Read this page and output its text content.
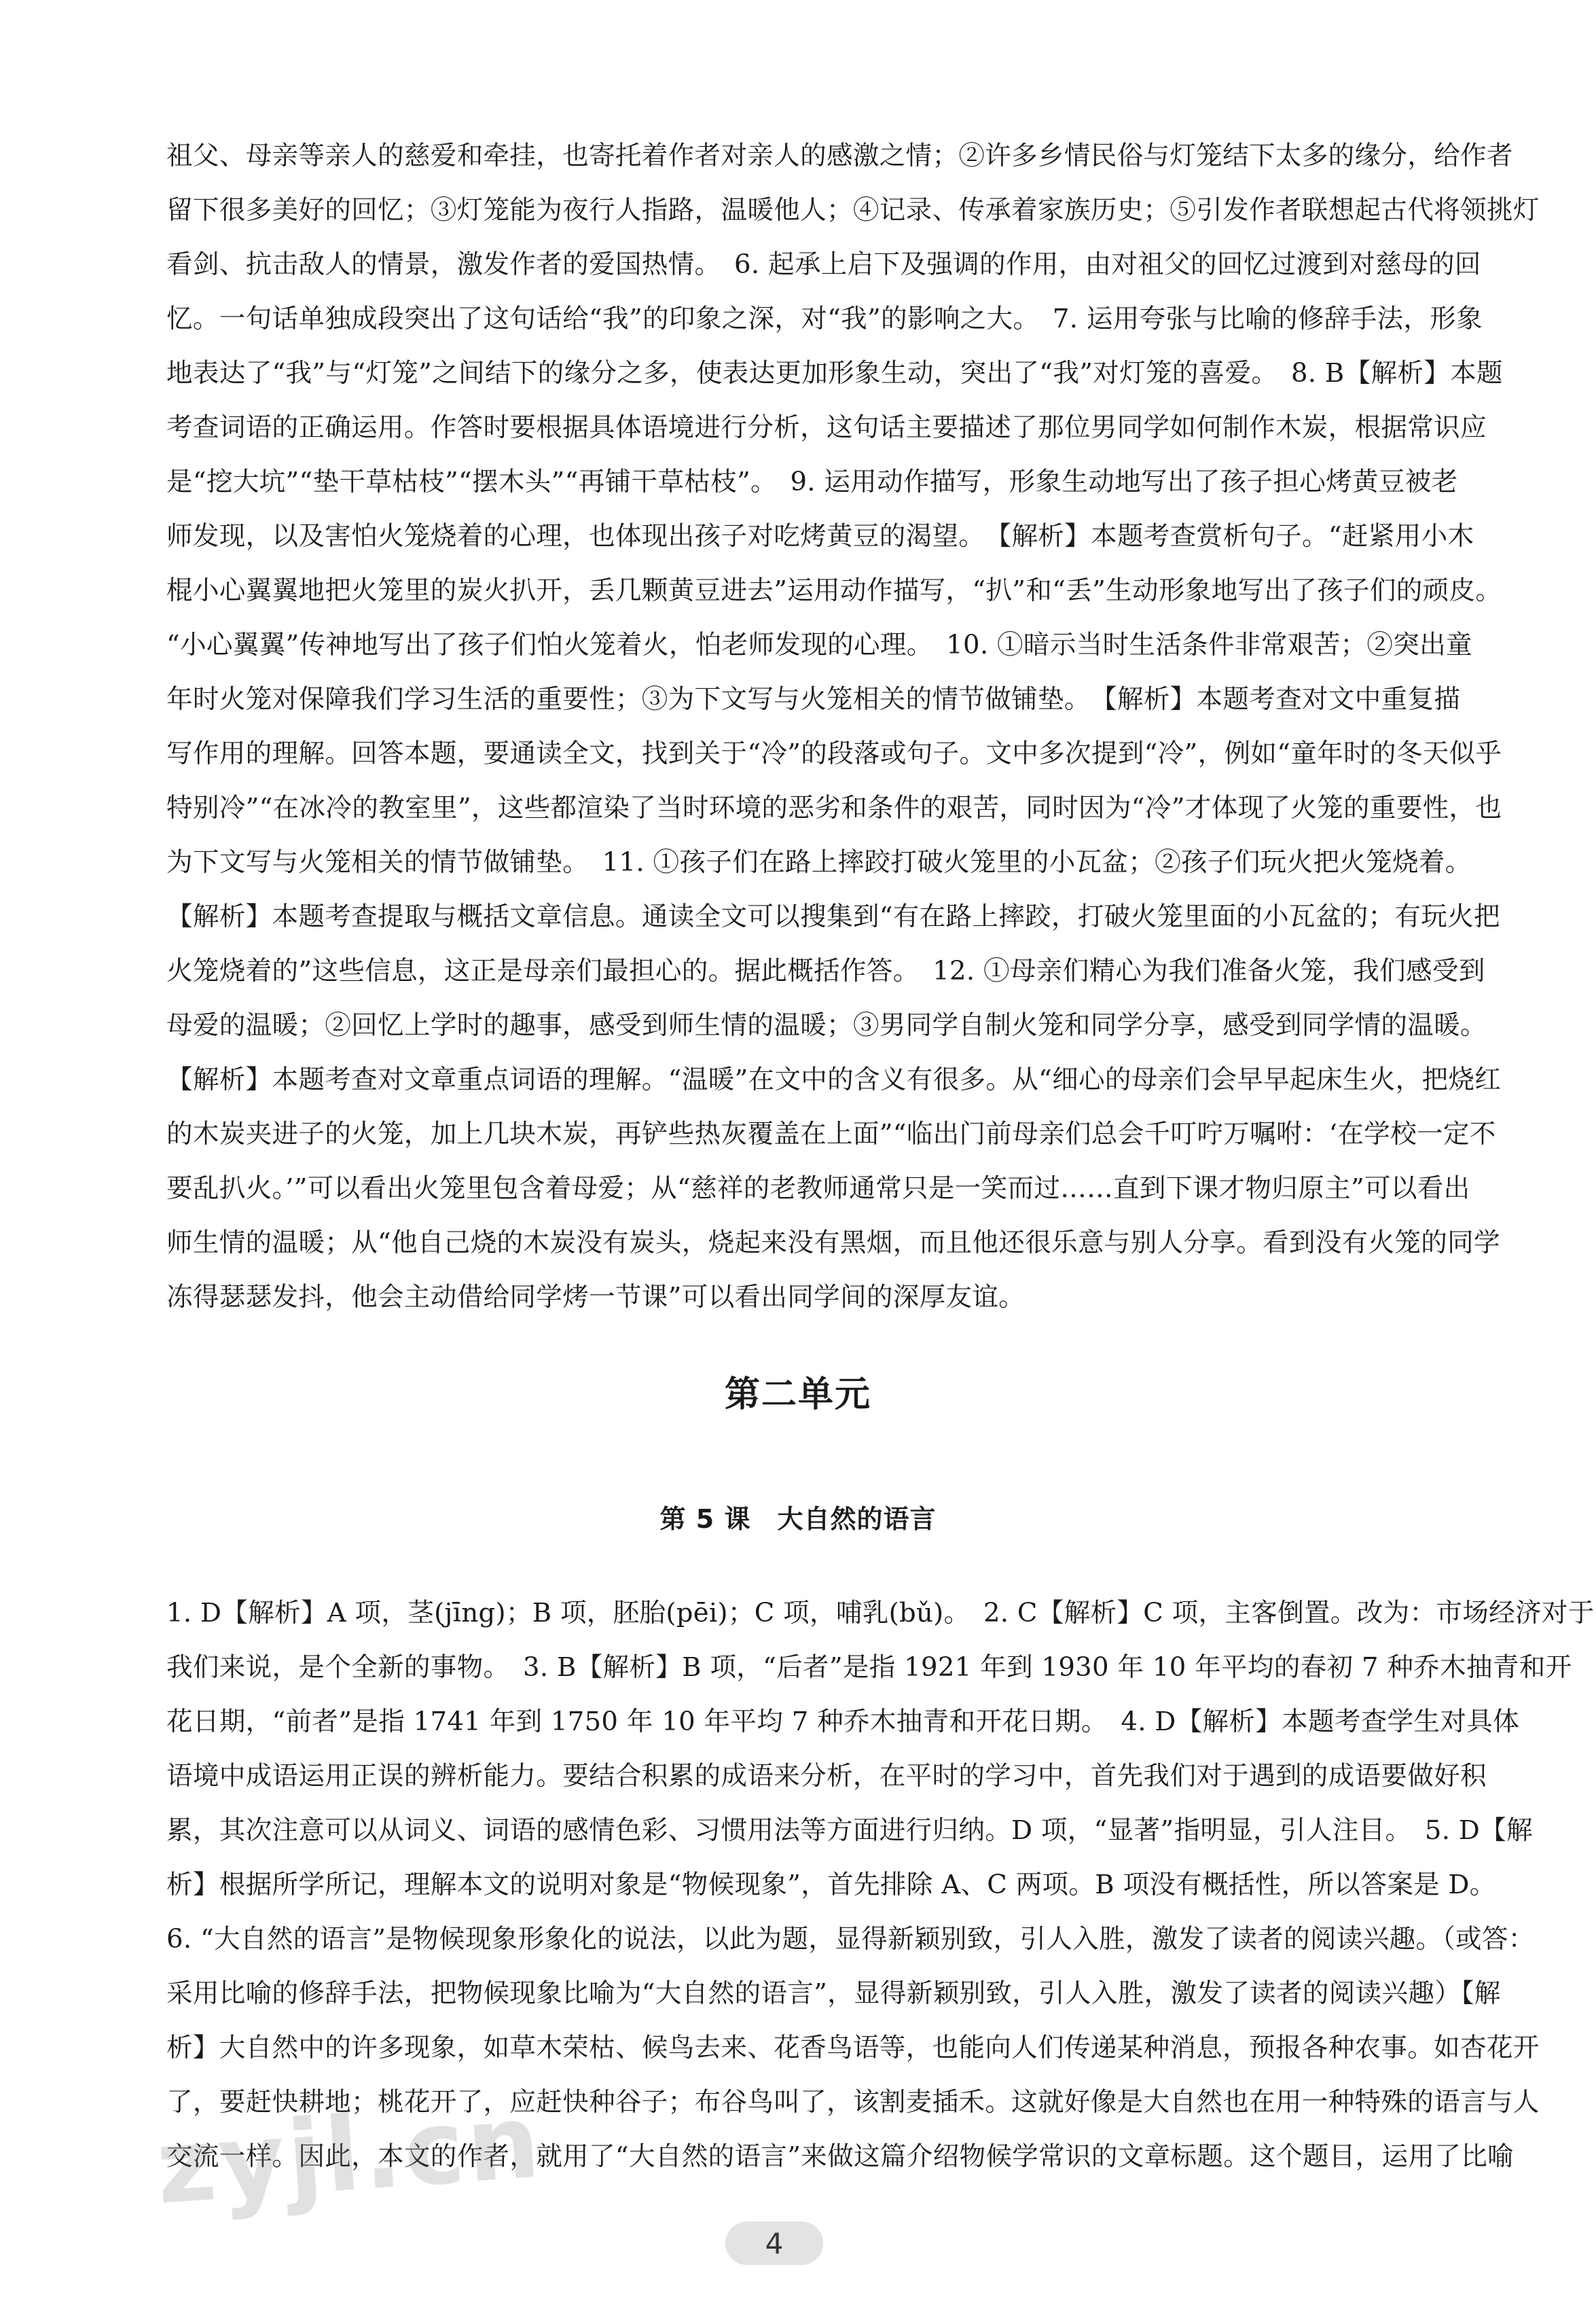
祖父、母亲等亲人的慈爱和牵挂，也寄托着作者对亲人的感激之情；②许多乡情民俗与灯笼结下太多的缘分，给作者
留下很多美好的回忆；③灯笼能为夜行人指路，温暖他人；④记录、传承着家族历史；⑤引发作者联想起古代将领挑灯
看剑、抗击敌人的情景，激发作者的爱国热情。　6. 起承上启下及强调的作用，由对祖父的回忆过渡到对慈母的回
忆。一句话单独成段突出了这句话给“我”的印象之深，对“我”的影响之大。　7. 运用夸张与比喻的修辞手法，形象
地表达了“我”与“灯笼”之间结下的缘分之多，使表达更加形象生动，突出了“我”对灯笼的喜爱。　8. B【解析】本题
考查词语的正确运用。作答时要根据具体语境进行分析，这句话主要描述了那位男同学如何制作木炭，根据常识应
是“挖大坑”“垫干草枯枝”“摆木头”“再铺干草枯枝”。　9. 运用动作描写，形象生动地写出了孩子担心烤黄豆被老
师发现，以及害怕火笼烧着的心理，也体现出孩子对吃烤黄豆的渴望。　【解析】本题考查赏析句子。“赶紧用小木
棍小心翼翼地把火笼里的炭火扒开，丢几颗黄豆进去”运用动作描写，“扒”和“丢”生动形象地写出了孩子们的顽皮。
“小心翼翼”传神地写出了孩子们怕火笼着火，怕老师发现的心理。　10. ①暗示当时生活条件非常艰苦；②突出童
年时火笼对保障我们学习生活的重要性；③为下文写与火笼相关的情节做铺垫。　【解析】本题考查对文中重复描
写作用的理解。回答本题，要通读全文，找到关于“冷”的段落或句子。文中多次提到“冷”，例如“童年时的冬天似乎
特别冷”“在冰冷的教室里”，这些都渲染了当时环境的恶劣和条件的艰苦，同时因为“冷”才体现了火笼的重要性，也
为下文写与火笼相关的情节做铺垫。　11. ①孩子们在路上摔跤打破火笼里的小瓦盆；②孩子们玩火把火笼烧着。
【解析】本题考查提取与概括文章信息。通读全文可以搜集到“有在路上摔跤，打破火笼里面的小瓦盆的；有玩火把
火笼烧着的”这些信息，这正是母亲们最担心的。据此概括作答。　12. ①母亲们精心为我们准备火笼，我们感受到
母爱的温暖；②回忆上学时的趣事，感受到师生情的温暖；③男同学自制火笼和同学分享，感受到同学情的温暖。
【解析】本题考查对文章重点词语的理解。“温暖”在文中的含义有很多。从“细心的母亲们会早早起床生火，把烧红
的木炭夹进子的火笼，加上几块木炭，再铲些热灰覆盖在上面”“临出门前母亲们总会千叮咛万嘱咐：‘在学校一定不
要乱扒火。’”可以看出火笼里包含着母爱；从“慈祥的老教师通常只是一笑而过……直到下课才物归原主”可以看出
师生情的温暖；从“他自己烧的木炭没有炭头，烧起来没有黑烟，而且他还很乐意与别人分享。看到没有火笼的同学
冻得瑟瑟发抖，他会主动借给同学烤一节课”可以看出同学间的深厚友谊。
第二单元
第 5 课　大自然的语言
1. D【解析】A 项，茎(jīng)；B 项，胚胎(pēi)；C 项，哺乳(bǔ)。　2. C【解析】C 项，主客倒置。改为：市场经济对于
我们来说，是个全新的事物。　3. B【解析】B 项，“后者”是指 1921 年到 1930 年 10 年平均的春初 7 种乔木抽青和开
花日期，“前者”是指 1741 年到 1750 年 10 年平均 7 种乔木抽青和开花日期。　4. D【解析】本题考查学生对具体
语境中成语运用正误的辨析能力。要结合积累的成语来分析，在平时的学习中，首先我们对于遇到的成语要做好积
累，其次注意可以从词义、词语的感情色彩、习惯用法等方面进行归纳。D 项，“显著”指明显，引人注目。　5. D【解
析】根据所学所记，理解本文的说明对象是“物候现象”，首先排除 A、C 两项。B 项没有概括性，所以答案是 D。
6. “大自然的语言”是物候现象形象化的说法，以此为题，显得新颖别致，引人入胜，激发了读者的阅读兴趣。（或答：
采用比喻的修辞手法，把物候现象比喻为“大自然的语言”，显得新颖别致，引人入胜，激发了读者的阅读兴趣）【解
析】大自然中的许多现象，如草木荣枯、候鸟去来、花香鸟语等，也能向人们传递某种消息，预报各种农事。如杏花开
了，要赶快耕地；桃花开了，应赶快种谷子；布谷鸟叫了，该割麦插禾。这就好像是大自然也在用一种特殊的语言与人
交流一样。因此，本文的作者，就用了“大自然的语言”来做这篇介绍物候学常识的文章标题。这个题目，运用了比喻
zyjl.cn
4
